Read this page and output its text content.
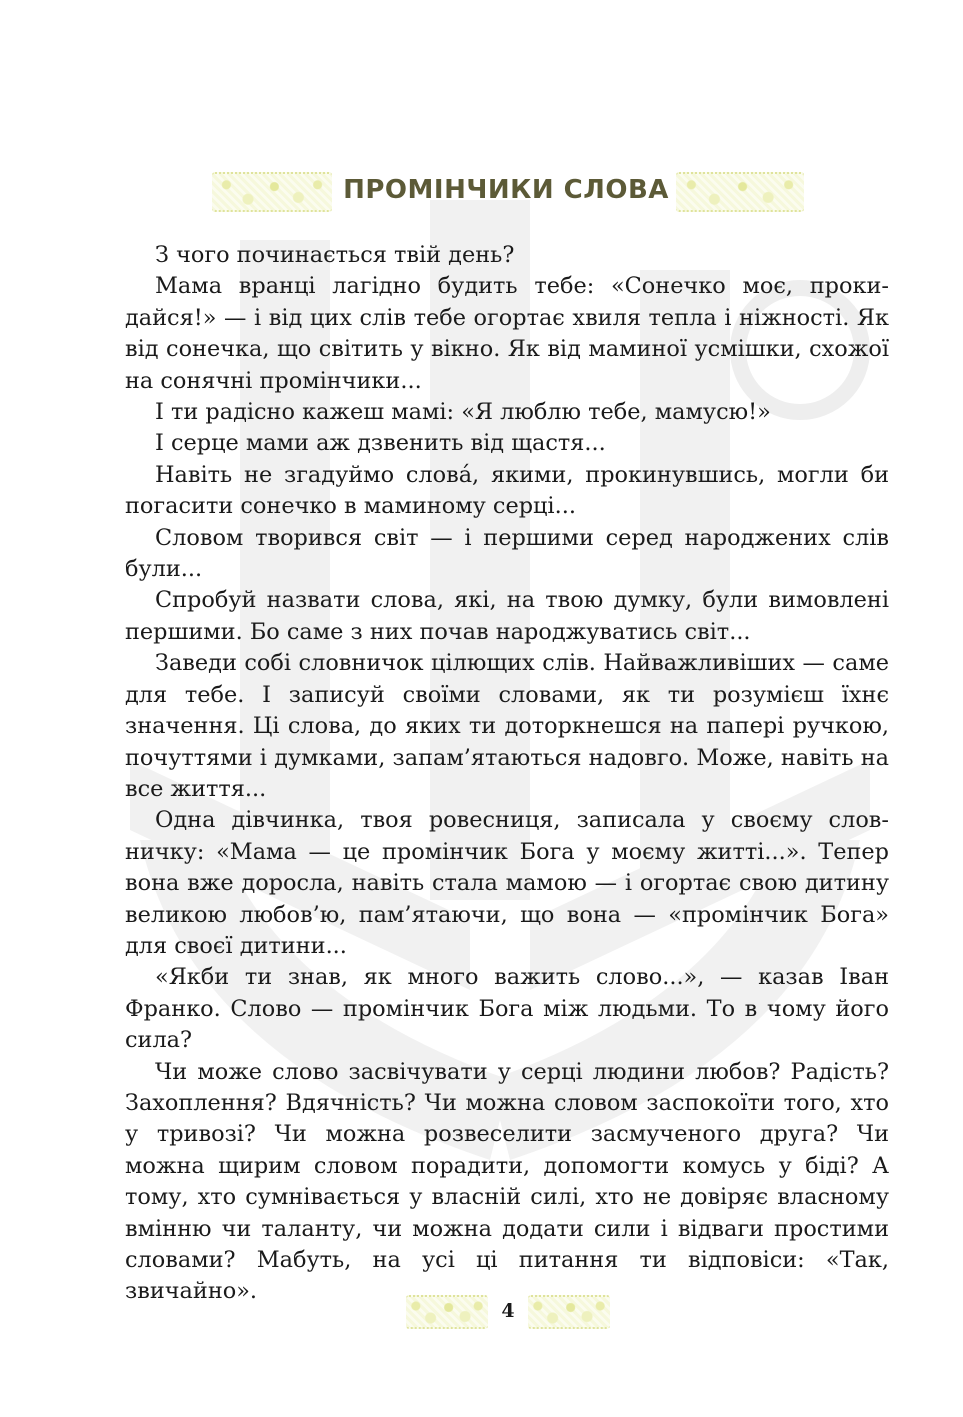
ПРОМІНЧИКИ СЛОВА

З чого починається твій день?

Мама вранці лагідно будить тебе: «Сонечко моє, прокидайся!» — і від цих слів тебе огортає хвиля тепла і ніжності. Як від сонечка, що світить у вікно. Як від маминої усмішки, схожої на сонячні промінчики...

І ти радісно кажеш мамі: «Я люблю тебе, мамусю!»

І серце мами аж дзвенить від щастя...

Навіть не згадуймо слова́, якими, прокинувшись, могли би погасити сонечко в маминому серці...

Словом творився світ — і першими серед народжених слів були...

Спробуй назвати слова, які, на твою думку, були вимовлені першими. Бо саме з них почав народжуватись світ...

Заведи собі словничок цілющих слів. Найважливіших — саме для тебе. І записуй своїми словами, як ти розумієш їхнє значення. Ці слова, до яких ти доторкнешся на папері ручкою, почуттями і думками, запам’ятаються надовго. Може, навіть на все життя...

Одна дівчинка, твоя ровесниця, записала у своєму словничку: «Мама — це промінчик Бога у моєму житті...». Тепер вона вже доросла, навіть стала мамою — і огортає свою дитину великою любов’ю, пам’ятаючи, що вона — «промінчик Бога» для своєї дитини...

«Якби ти знав, як много важить слово...», — казав Іван Франко. Слово — промінчик Бога між людьми. То в чому його сила?

Чи може слово засвічувати у серці людини любов? Радість? Захоплення? Вдячність? Чи можна словом заспокоїти того, хто у тривозі? Чи можна розвеселити засмученого друга? Чи можна щирим словом порадити, допомогти комусь у біді? А тому, хто сумнівається у власній силі, хто не довіряє власному вмінню чи таланту, чи можна додати сили і відваги простими словами? Мабуть, на усі ці питання ти відповіси: «Так, звичайно».

4
